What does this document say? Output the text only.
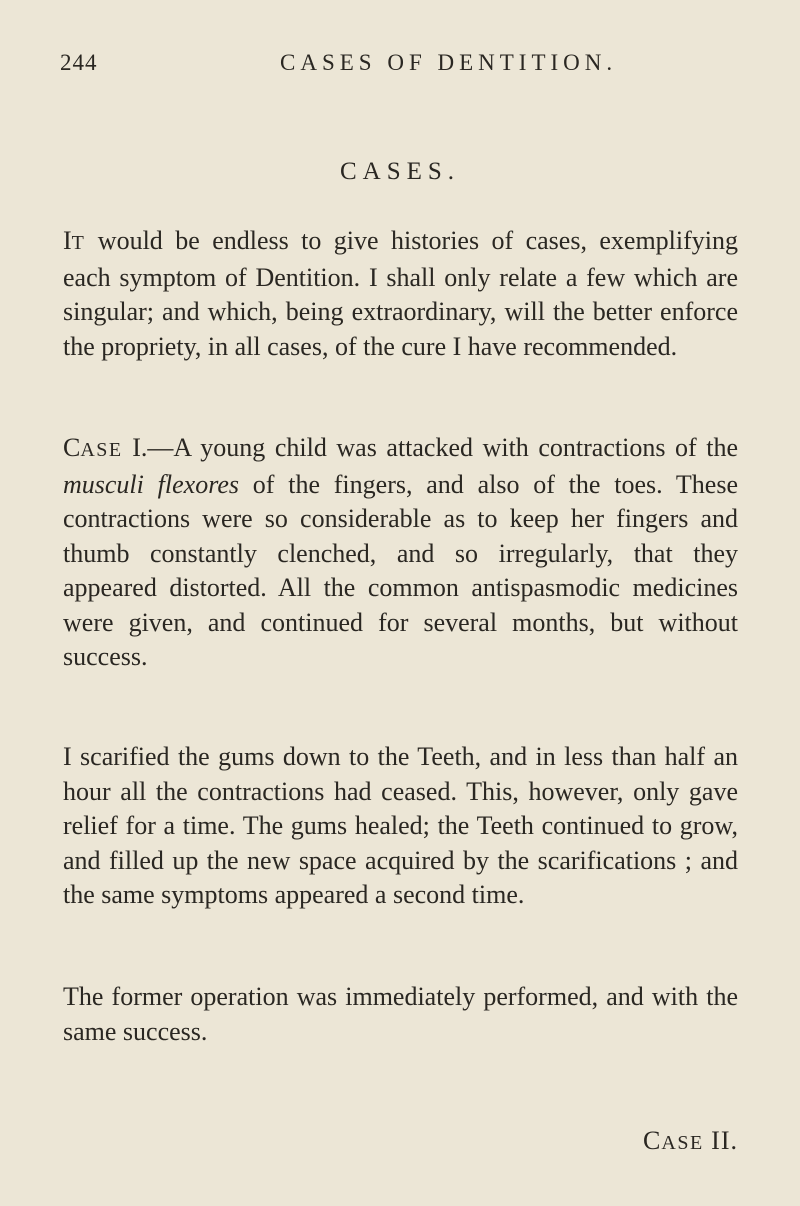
244	CASES OF DENTITION.
CASES.

IT would be endless to give histories of cases, exemplifying each symptom of Dentition. I shall only relate a few which are singular; and which, being extraordinary, will the better enforce the propriety, in all cases, of the cure I have recommended.

CASE I.—A young child was attacked with contractions of the musculi flexores of the fingers, and also of the toes. These contractions were so considerable as to keep her fingers and thumb constantly clenched, and so irregularly, that they appeared distorted. All the common antispasmodic medicines were given, and continued for several months, but without success.

I scarified the gums down to the Teeth, and in less than half an hour all the contractions had ceased. This, however, only gave relief for a time. The gums healed; the Teeth continued to grow, and filled up the new space acquired by the scarifications ; and the same symptoms appeared a second time.

The former operation was immediately performed, and with the same success.

CASE II.
